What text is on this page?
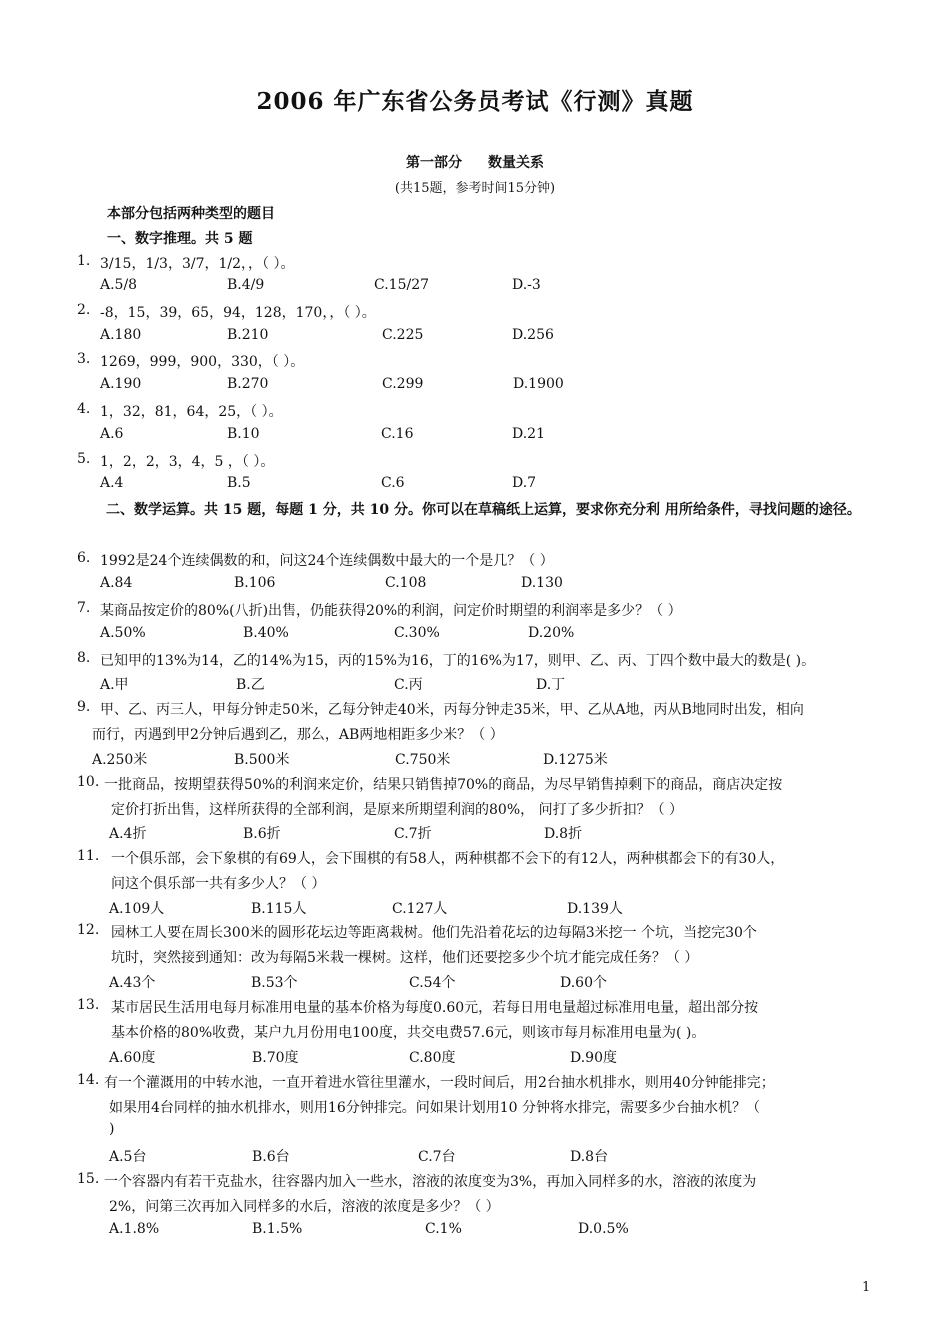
2006 年广东省公务员考试《行测》真题
第一部分 数量关系
(共15题，参考时间15分钟)
本部分包括两种类型的题目
一、数字推理。共 5 题
1. 3/15，1/3，3/7，1/2，，（ ）。
A.5/8	B.4/9	C.15/27	D.-3
2. -8，15，39，65，94，128，170，，（ ）。
A.180	B.210	C.225	D.256
3. 1269，999，900，330，（ ）。
A.190	B.270	C.299	D.1900
4. 1，32，81，64，25，（ ）。
A.6	B.10	C.16	D.21
5. 1，2，2，3，4，5 ，（ ）。
A.4	B.5	C.6	D.7
二、数学运算。共 15 题，每题 1 分，共 10 分。你可以在草稿纸上运算，要求你充分利 用所给条件，寻找问题的途径。
6. 1992是24个连续偶数的和，问这24个连续偶数中最大的一个是几？（ ）
A.84	B.106	C.108	D.130
7. 某商品按定价的80%(八折)出售，仍能获得20%的利润，问定价时期望的利润率是多少？（ ）
A.50%	B.40%	C.30%	D.20%
8. 已知甲的13%为14，乙的14%为15，丙的15%为16，丁的16%为17，则甲、乙、丙、丁四个数中最大的数是( )。
A.甲	B.乙	C.丙	D.丁
9. 甲、乙、丙三人，甲每分钟走50米，乙每分钟走40米，丙每分钟走35米，甲、乙从A地，丙从B地同时出发，相向
而行，丙遇到甲2分钟后遇到乙，那么，AB两地相距多少米？（ ）
A.250米	B.500米	C.750米	D.1275米
10. 一批商品，按期望获得50%的利润来定价，结果只销售掉70%的商品，为尽早销售掉剩下的商品，商店决定按
定价打折出售，这样所获得的全部利润，是原来所期望利润的80%， 问打了多少折扣？（ ）
A.4折	B.6折	C.7折	D.8折
11. 一个俱乐部，会下象棋的有69人，会下围棋的有58人，两种棋都不会下的有12人，两种棋都会下的有30人，
问这个俱乐部一共有多少人？（ ）
A.109人	B.115人	C.127人	D.139人
12. 园林工人要在周长300米的圆形花坛边等距离栽树。他们先沿着花坛的边每隔3米挖一 个坑，当挖完30个
坑时，突然接到通知：改为每隔5米栽一棵树。这样，他们还要挖多少个坑才能完成任务？（ ）
A.43个	B.53个	C.54个	D.60个
13. 某市居民生活用电每月标准用电量的基本价格为每度0.60元，若每日用电量超过标准用电量，超出部分按
基本价格的80%收费，某户九月份用电100度，共交电费57.6元，则该市每月标准用电量为( )。
A.60度	B.70度	C.80度	D.90度
14. 有一个灌溉用的中转水池，一直开着进水管往里灌水，一段时间后，用2台抽水机排水，则用40分钟能排完；
如果用4台同样的抽水机排水，则用16分钟排完。问如果计划用10 分钟将水排完，需要多少台抽水机？（
)
A.5台	B.6台	C.7台	D.8台
15. 一个容器内有若干克盐水，往容器内加入一些水，溶液的浓度变为3%，再加入同样多的水，溶液的浓度为
2%，问第三次再加入同样多的水后，溶液的浓度是多少？（ ）
A.1.8%	B.1.5%	C.1%	D.0.5%
1
